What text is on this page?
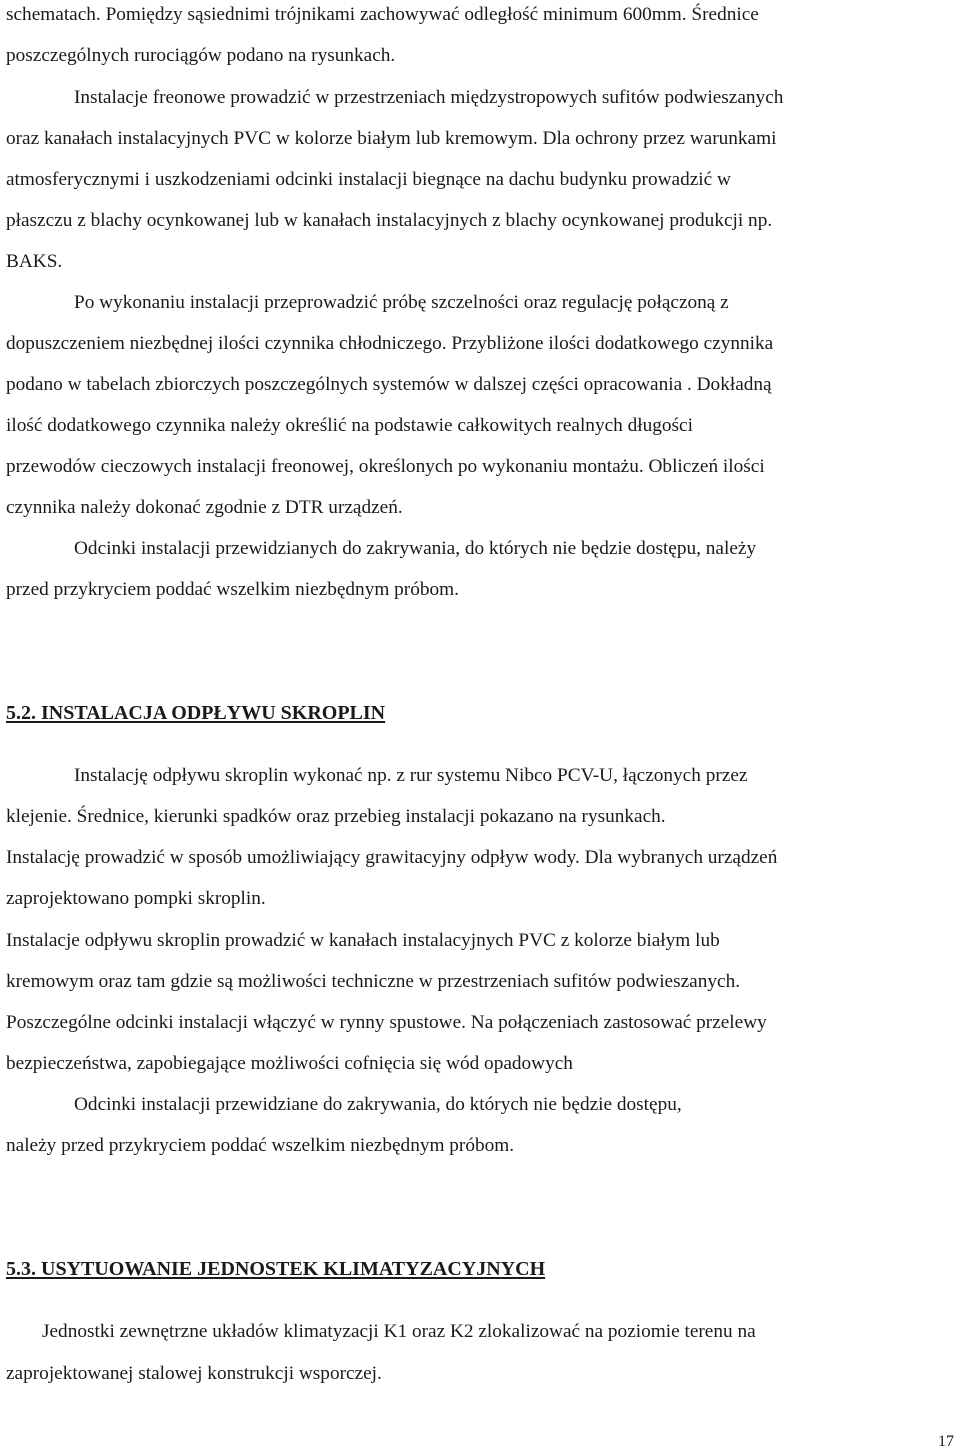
schematach. Pomiędzy sąsiednimi trójnikami zachowywać odległość minimum 600mm. Średnice
poszczególnych rurociągów podano na rysunkach.
Instalacje freonowe prowadzić w przestrzeniach międzystropowych sufitów podwieszanych
oraz kanałach instalacyjnych PVC w kolorze białym lub kremowym. Dla ochrony przez warunkami
atmosferycznymi i uszkodzeniami odcinki instalacji biegnące na dachu budynku prowadzić w
płaszczu z blachy ocynkowanej lub w kanałach instalacyjnych z blachy ocynkowanej produkcji np.
BAKS.
Po wykonaniu instalacji przeprowadzić próbę szczelności oraz regulację połączoną z
dopuszczeniem niezbędnej ilości czynnika chłodniczego. Przybliżone ilości dodatkowego czynnika
podano w tabelach zbiorczych poszczególnych systemów w dalszej części opracowania . Dokładną
ilość dodatkowego czynnika należy określić na podstawie całkowitych realnych długości
przewodów cieczowych instalacji freonowej, określonych po wykonaniu montażu. Obliczeń ilości
czynnika należy dokonać zgodnie z DTR urządzeń.
Odcinki instalacji przewidzianych do zakrywania, do których nie będzie dostępu, należy
przed przykryciem poddać wszelkim niezbędnym próbom.
5.2. INSTALACJA ODPŁYWU SKROPLIN
Instalację odpływu skroplin wykonać np. z rur systemu Nibco PCV-U, łączonych przez
klejenie. Średnice, kierunki spadków oraz przebieg instalacji pokazano na rysunkach.
Instalację prowadzić w sposób umożliwiający grawitacyjny odpływ wody. Dla wybranych urządzeń
zaprojektowano pompki skroplin.
Instalacje odpływu skroplin prowadzić w kanałach instalacyjnych PVC z kolorze białym lub
kremowym oraz tam gdzie są możliwości techniczne w przestrzeniach sufitów podwieszanych.
Poszczególne odcinki instalacji włączyć w rynny spustowe. Na połączeniach zastosować przelewy
bezpieczeństwa, zapobiegające możliwości cofnięcia się wód opadowych
Odcinki instalacji przewidziane do zakrywania, do których nie będzie dostępu,
należy przed przykryciem poddać wszelkim niezbędnym próbom.
5.3. USYTUOWANIE JEDNOSTEK KLIMATYZACYJNYCH
Jednostki zewnętrzne układów klimatyzacji K1 oraz K2 zlokalizować na poziomie terenu na
zaprojektowanej stalowej konstrukcji wsporczej.
17
